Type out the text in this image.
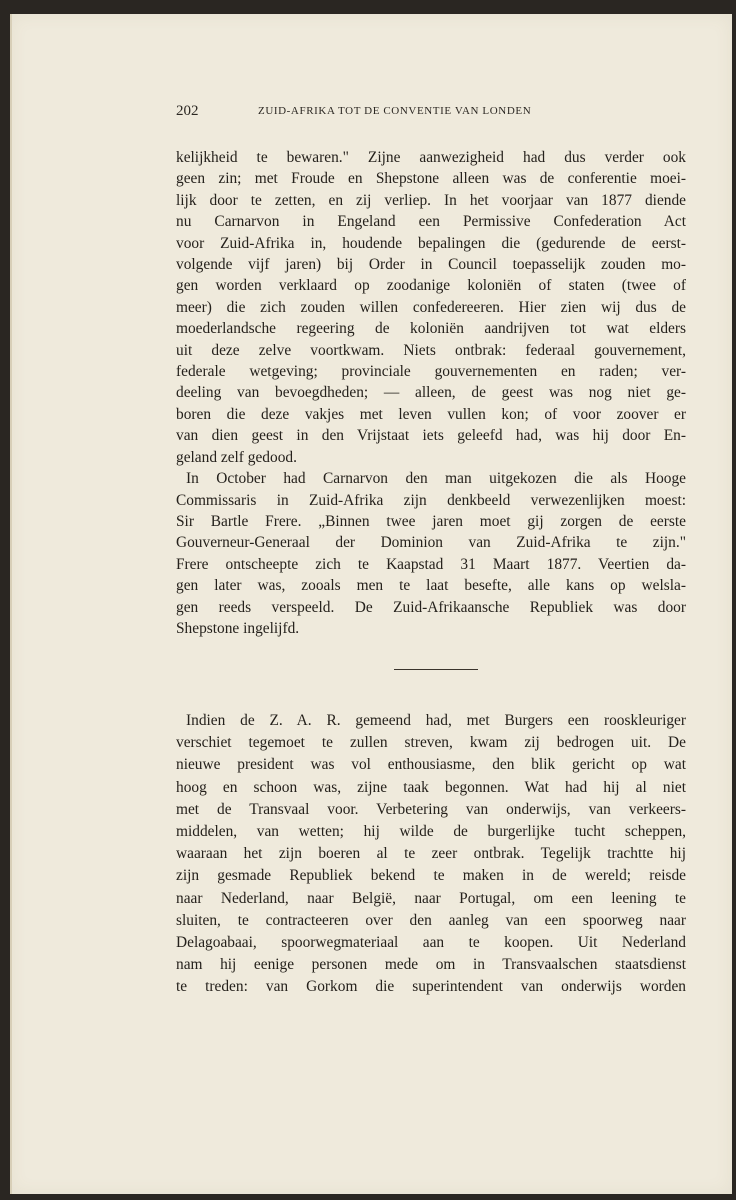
202	ZUID-AFRIKA TOT DE CONVENTIE VAN LONDEN
kelijkheid te bewaren." Zijne aanwezigheid had dus verder ook
geen zin; met Froude en Shepstone alleen was de conferentie moei-
lijk door te zetten, en zij verliep. In het voorjaar van 1877 diende
nu Carnarvon in Engeland een Permissive Confederation Act
voor Zuid-Afrika in, houdende bepalingen die (gedurende de eerst-
volgende vijf jaren) bij Order in Council toepasselijk zouden mo-
gen worden verklaard op zoodanige koloniën of staten (twee of
meer) die zich zouden willen confedereeren. Hier zien wij dus de
moederlandsche regeering de koloniën aandrijven tot wat elders
uit deze zelve voortkwam. Niets ontbrak: federaal gouvernement,
federale wetgeving; provinciale gouvernementen en raden; ver-
deeling van bevoegdheden; — alleen, de geest was nog niet ge-
boren die deze vakjes met leven vullen kon; of voor zoover er
van dien geest in den Vrijstaat iets geleefd had, was hij door En-
geland zelf gedood.
In October had Carnarvon den man uitgekozen die als Hooge
Commissaris in Zuid-Afrika zijn denkbeeld verwezenlijken moest:
Sir Bartle Frere. „Binnen twee jaren moet gij zorgen de eerste
Gouverneur-Generaal der Dominion van Zuid-Afrika te zijn."
Frere ontscheepte zich te Kaapstad 31 Maart 1877. Veertien da-
gen later was, zooals men te laat besefte, alle kans op welsla-
gen reeds verspeeld. De Zuid-Afrikaansche Republiek was door
Shepstone ingelijfd.
Indien de Z. A. R. gemeend had, met Burgers een rooskleuriger
verschiet tegemoet te zullen streven, kwam zij bedrogen uit. De
nieuwe president was vol enthousiasme, den blik gericht op wat
hoog en schoon was, zijne taak begonnen. Wat had hij al niet
met de Transvaal voor. Verbetering van onderwijs, van verkeers-
middelen, van wetten; hij wilde de burgerlijke tucht scheppen,
waaraan het zijn boeren al te zeer ontbrak. Tegelijk trachtte hij
zijn gesmade Republiek bekend te maken in de wereld; reisde
naar Nederland, naar België, naar Portugal, om een leening te
sluiten, te contracteeren over den aanleg van een spoorweg naar
Delagoabaai, spoorwegmateriaal aan te koopen. Uit Nederland
nam hij eenige personen mede om in Transvaalschen staatsdienst
te treden: van Gorkom die superintendent van onderwijs worden
